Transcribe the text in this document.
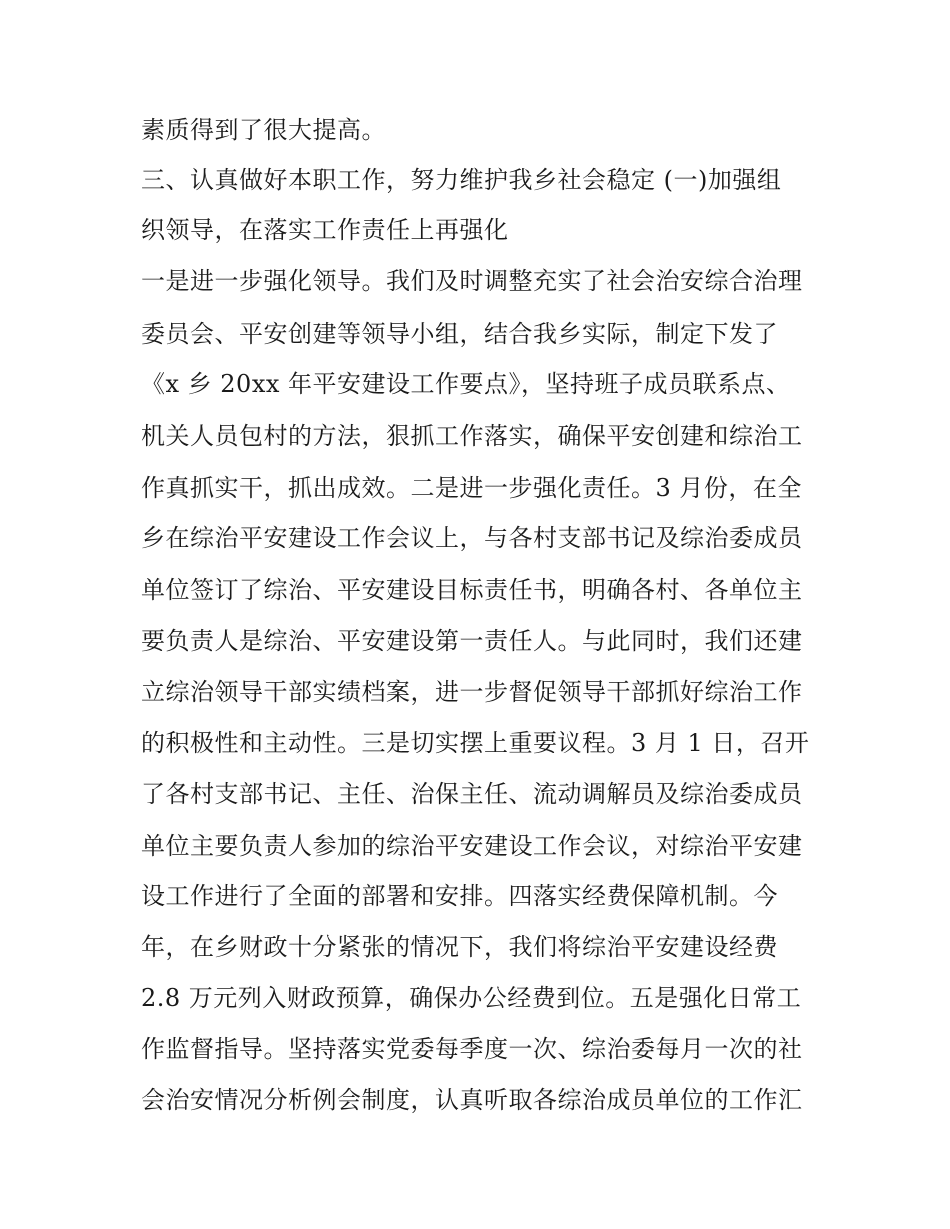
素质得到了很大提高。
三、认真做好本职工作，努力维护我乡社会稳定 (一)加强组
织领导，在落实工作责任上再强化
一是进一步强化领导。我们及时调整充实了社会治安综合治理
委员会、平安创建等领导小组，结合我乡实际，制定下发了
《x 乡 20xx 年平安建设工作要点》，坚持班子成员联系点、
机关人员包村的方法，狠抓工作落实，确保平安创建和综治工
作真抓实干，抓出成效。二是进一步强化责任。3 月份，在全
乡在综治平安建设工作会议上，与各村支部书记及综治委成员
单位签订了综治、平安建设目标责任书，明确各村、各单位主
要负责人是综治、平安建设第一责任人。与此同时，我们还建
立综治领导干部实绩档案，进一步督促领导干部抓好综治工作
的积极性和主动性。三是切实摆上重要议程。3 月 1 日，召开
了各村支部书记、主任、治保主任、流动调解员及综治委成员
单位主要负责人参加的综治平安建设工作会议，对综治平安建
设工作进行了全面的部署和安排。四落实经费保障机制。今
年，在乡财政十分紧张的情况下，我们将综治平安建设经费
2.8 万元列入财政预算，确保办公经费到位。五是强化日常工
作监督指导。坚持落实党委每季度一次、综治委每月一次的社
会治安情况分析例会制度，认真听取各综治成员单位的工作汇
